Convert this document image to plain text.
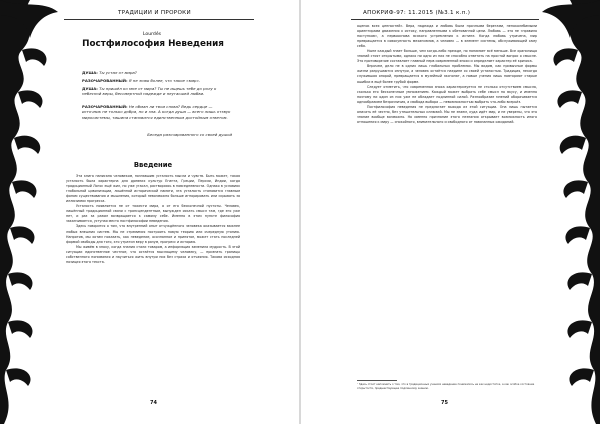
ТРАДИЦИИ И ПРОРОКИ
Lourdés
Постфилософия Неведения
ДУША: Ты устал от мира?
РАЗОЧАРОВАННЫЙ: Я не знаю более, что такое «мир».
ДУША: Ты пришёл ко мне от мира? Ты не ищешь тебе до ролу к небесной веры, бессмертной надежде и неугасшей любви.
РАЗОЧАРОВАННЫЙ: Не обман ли твои слова? Ведь сердце — источник не только добра, но и зла. А когда душа — всего лишь отзвук миросистемы, тишина становится единственным достойным ответом.
Беседа разочарованного со своей душой
Введение

Эта книга написана человеком, познавшим усталость мысли и чувств. Быть может, такая усталость была характерна для древних культур Египта, Греции, Персии, Индии, когда традиционный Логос ещё жил, но уже угасал, растворяясь в повседневности. Однако в условиях глобальной цивилизации, лишённой исторической памяти, эта усталость становится главным фоном существования и мышления, который невозможно больше игнорировать или скрывать за иллюзиями прогресса.

Усталость появляется не от тяжести мира, а от его бесконечной пустоты. Человек, лишённый традиционной связи с трансцендентным, вынужден искать смысл там, где его уже нет, и раз за разом возвращается к самому себе. Именно в этом пункте философия заканчивается, уступая место постфилософии неведения.

Здесь говорится о том, что внутренний опыт отчуждённого человека оказывается важнее любых внешних систем. Мы не стремимся построить новую теорию или очередную утопию. Напротив, мы хотим показать, как неведение, осознанное и принятое, может стать последней формой свободы для того, кто утратил веру в разум, прогресс и историю.

Мы живём в эпоху, когда знания стали товаром, а информация заменила мудрость. В этой ситуации единственное честное, что остаётся мыслящему человеку, — признать границы собственного понимания и научиться жить внутри них без страха и отчаяния. Такова исходная позиция этого текста.

74
АПОКРИФ-97: 11.2015 (№3.1 к.п.)

оценок всех ценностей». Вера, надежда и любовь были прочными берегами, непоколебимыми ориентирами движения к истоку, направленными к обетованной цели. Любовь — это не «правило поступков», а первооснова всякого устремления к истине. Когда любовь утрачена, мир превращается в совокупность механизмов, а человек — в элемент системы, обслуживающей саму себя.

Ныне каждый знает больше, чем когда-либо прежде, но понимает всё меньше. Все хранилища знаний стоят открытыми, однако ни одно из них не способно ответить на простой вопрос о смысле. Это противоречие составляет главный нерв современной эпохи и определяет характер её кризиса.

Впрочем, дело не в одних лишь глобальных проблемах. Мы видим, как привычные формы жизни разрушаются изнутри, а человек остаётся наедине со своей усталостью. Традиция, некогда служившая опорой, превращается в музейный экспонат, а новые учения лишь повторяют старые ошибки в ещё более грубой форме.

Следует отметить, что современная эпоха характеризуется не столько отсутствием смысла, сколько его бесконечным умножением. Каждый может выбрать себе смысл по вкусу, и именно поэтому ни один из них уже не обладает подлинной силой. Разнообразие мнений оборачивается однообразием безразличия, а свобода выбора — невозможностью выбрать что-либо всерьёз.

Постфилософия неведения не предлагает выхода из этой ситуации. Она лишь пытается описать её честно, без утешительных иллюзий. Мы не знаем, куда идёт мир, и не уверены, что это знание вообще возможно. Но именно признание этого незнания открывает возможность иного отношения к миру — спокойного, внимательного и свободного от навязанных ожиданий.

¹ Здесь стоит напомнить о том, что в традиционных учениях неведение понималось не как недостаток, а как особое состояние открытости, предшествующее подлинному знанию.
75
